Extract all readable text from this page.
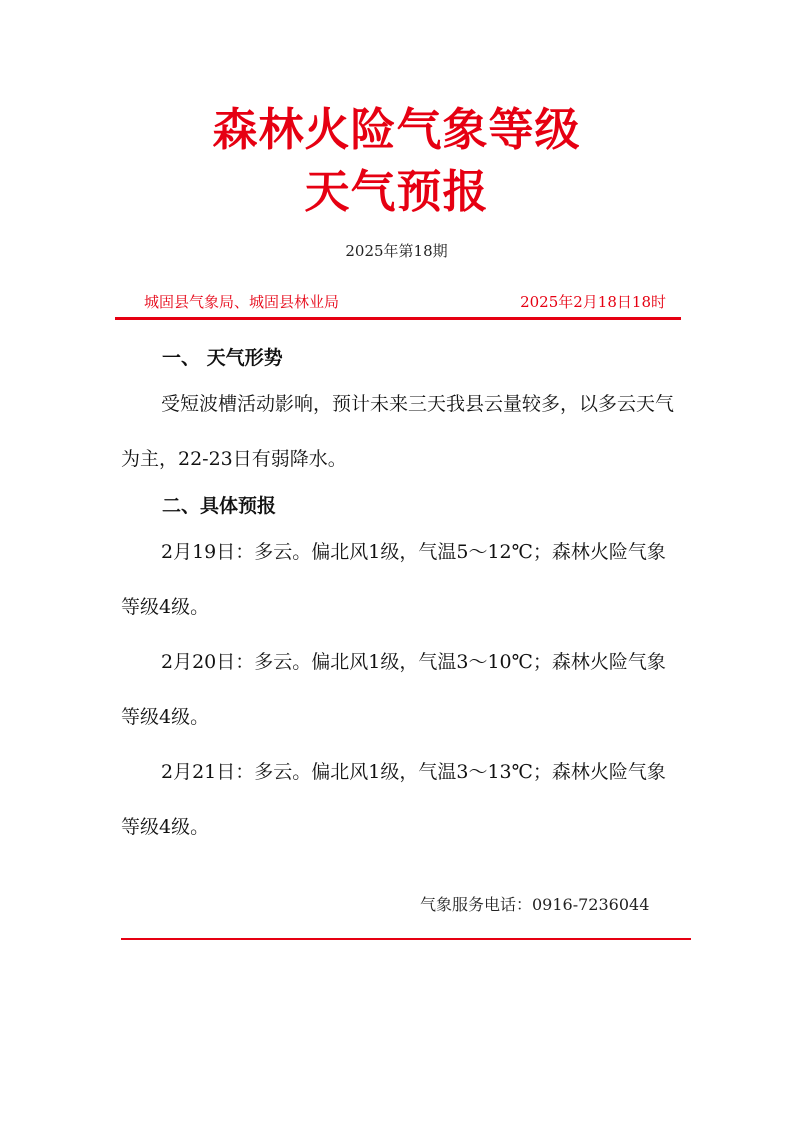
森林火险气象等级
天气预报
2025年第18期
城固县气象局、城固县林业局	2025年2月18日18时
一、 天气形势
受短波槽活动影响，预计未来三天我县云量较多，以多云天气为主，22-23日有弱降水。
二、具体预报
2月19日：多云。偏北风1级，气温5～12℃；森林火险气象等级4级。
2月20日：多云。偏北风1级，气温3～10℃；森林火险气象等级4级。
2月21日：多云。偏北风1级，气温3～13℃；森林火险气象等级4级。
气象服务电话：0916-7236044
